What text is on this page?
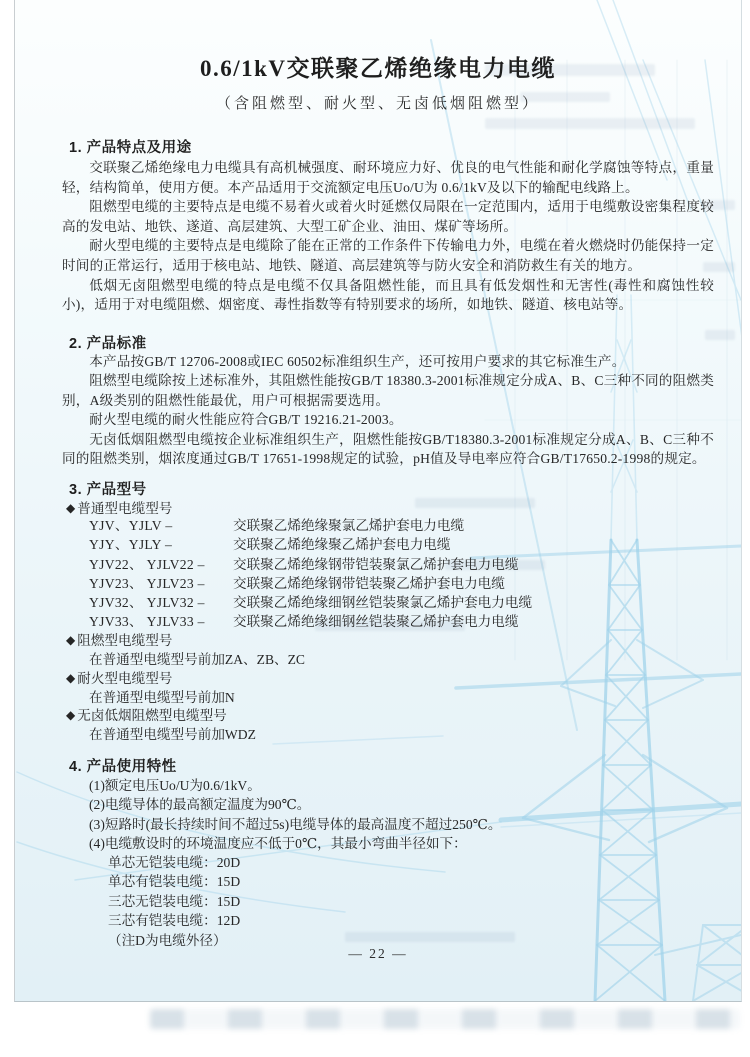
0.6/1kV交联聚乙烯绝缘电力电缆
（含阻燃型、耐火型、无卤低烟阻燃型）
1. 产品特点及用途

交联聚乙烯绝缘电力电缆具有高机械强度、耐环境应力好、优良的电气性能和耐化学腐蚀等特点，重量轻，结构简单，使用方便。本产品适用于交流额定电压Uo/U为 0.6/1kV及以下的输配电线路上。

阻燃型电缆的主要特点是电缆不易着火或着火时延燃仅局限在一定范围内，适用于电缆敷设密集程度较高的发电站、地铁、遂道、高层建筑、大型工矿企业、油田、煤矿等场所。

耐火型电缆的主要特点是电缆除了能在正常的工作条件下传输电力外，电缆在着火燃烧时仍能保持一定时间的正常运行，适用于核电站、地铁、隧道、高层建筑等与防火安全和消防救生有关的地方。

低烟无卤阻燃型电缆的特点是电缆不仅具备阻燃性能，而且具有低发烟性和无害性(毒性和腐蚀性较小)，适用于对电缆阻燃、烟密度、毒性指数等有特别要求的场所，如地铁、隧道、核电站等。

2. 产品标准

本产品按GB/T 12706-2008或IEC 60502标准组织生产，还可按用户要求的其它标准生产。

阻燃型电缆除按上述标准外，其阻燃性能按GB/T 18380.3-2001标准规定分成A、B、C三种不同的阻燃类别，A级类别的阻燃性能最优，用户可根据需要选用。

耐火型电缆的耐火性能应符合GB/T 19216.21-2003。

无卤低烟阻燃型电缆按企业标准组织生产，阻燃性能按GB/T18380.3-2001标准规定分成A、B、C三种不同的阻燃类别，烟浓度通过GB/T 17651-1998规定的试验，pH值及导电率应符合GB/T17650.2-1998的规定。

3. 产品型号
◆ 普通型电缆型号
YJV、YJLV –	交联聚乙烯绝缘聚氯乙烯护套电力电缆
YJY、YJLY –	交联聚乙烯绝缘聚乙烯护套电力电缆
YJV22、 YJLV22 – 交联聚乙烯绝缘钢带铠装聚氯乙烯护套电力电缆
YJV23、 YJLV23 – 交联聚乙烯绝缘钢带铠装聚乙烯护套电力电缆
YJV32、 YJLV32 – 交联聚乙烯绝缘细钢丝铠装聚氯乙烯护套电力电缆
YJV33、 YJLV33 – 交联聚乙烯绝缘细钢丝铠装聚乙烯护套电力电缆
◆ 阻燃型电缆型号
在普通型电缆型号前加ZA、ZB、ZC
◆ 耐火型电缆型号
在普通型电缆型号前加N
◆ 无卤低烟阻燃型电缆型号
在普通型电缆型号前加WDZ
4. 产品使用特性
(1)额定电压Uo/U为0.6/1kV。
(2)电缆导体的最高额定温度为90℃。
(3)短路时(最长持续时间不超过5s)电缆导体的最高温度不超过250℃。
(4)电缆敷设时的环境温度应不低于0℃，其最小弯曲半径如下：
单芯无铠装电缆：20D
单芯有铠装电缆：15D
三芯无铠装电缆：15D
三芯有铠装电缆：12D
（注D为电缆外径）
— 22 —
